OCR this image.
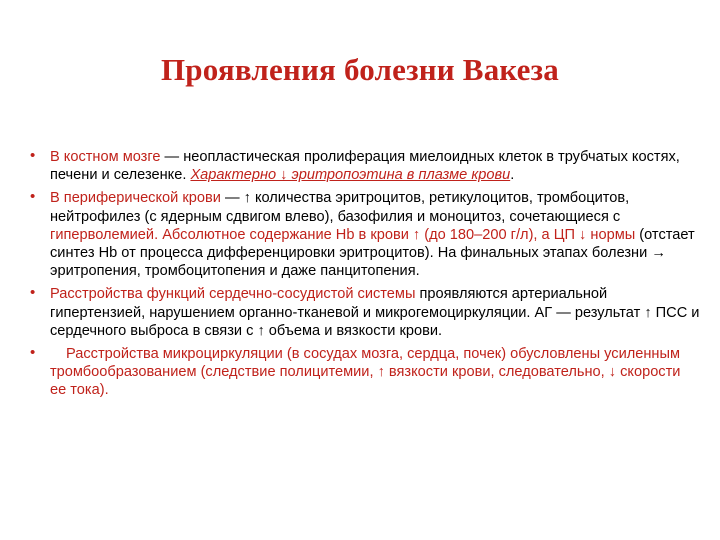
Проявления болезни Вакеза
• В костном мозге — неопластическая пролиферация миелоидных клеток в трубчатых костях, печени и селезенке. Характерно ↓ эритропоэтина в плазме крови.
• В периферической крови — ↑ количества эритроцитов, ретикулоцитов, тромбоцитов, нейтрофилез (с ядерным сдвигом влево), базофилия и моноцитоз, сочетающиеся с гиперволемией. Абсолютное содержание Hb в крови ↑ (до 180–200 г/л), а ЦП ↓ нормы (отстает синтез Hb от процесса дифференцировки эритроцитов). На финальных этапах болезни → эритропения, тромбоцитопения и даже панцитопения.
• Расстройства функций сердечно-сосудистой системы проявляются артериальной гипертензией, нарушением органно-тканевой и микрогемоциркуляции. АГ — результат ↑ ПСС и сердечного выброса в связи с ↑ объема и вязкости крови.
• Расстройства микроциркуляции (в сосудах мозга, сердца, почек) обусловлены усиленным тромбообразованием (следствие полицитемии, ↑ вязкости крови, следовательно, ↓ скорости ее тока).
